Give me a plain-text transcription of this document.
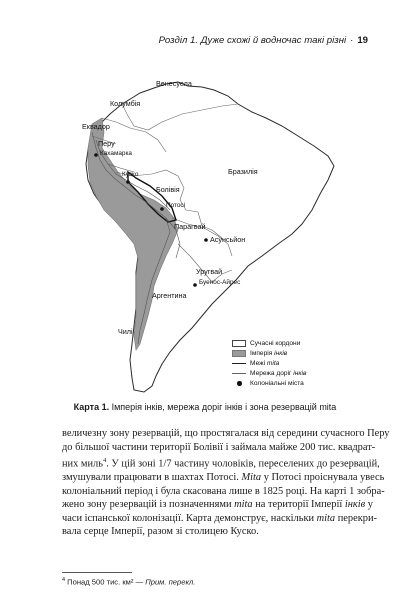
Розділ 1. Дуже схожі й водночас такі різні · 19
Венесуела
Колумбія
Еквадор
Перу
Кахамарка
Куско
Болівія
Бразилія
Потосі
Парагвай
Асунсьйон
Уругвай
Буенос-Айрес
Аргентина
Чилі
Сучасні кордони
Імперія інків
Межі mita
Мережа доріг інків
Колоніальні міста
Карта 1. Імперія інків, мережа доріг інків і зона резервацій mita
величезну зону резервацій, що простягалася від середини сучасного Перу
до більшої частини території Болівії і займала майже 200 тис. квадрат-
них миль$^4$. У цій зоні 1/7 частину чоловіків, переселених до резервацій,
змушували працювати в шахтах Потосі. Mita у Потосі проіснувала увесь
колоніальний період і була скасована лише в 1825 році. На карті 1 зобра-
жено зону резервацій із позначеннями mita на території Імперії інків у
часи іспанської колонізації. Карта демонструє, наскільки mita перекри-
вала серце Імперії, разом зі столицею Куско.
$^4$ Понад 500 тис. км² — Прим. перекл.
